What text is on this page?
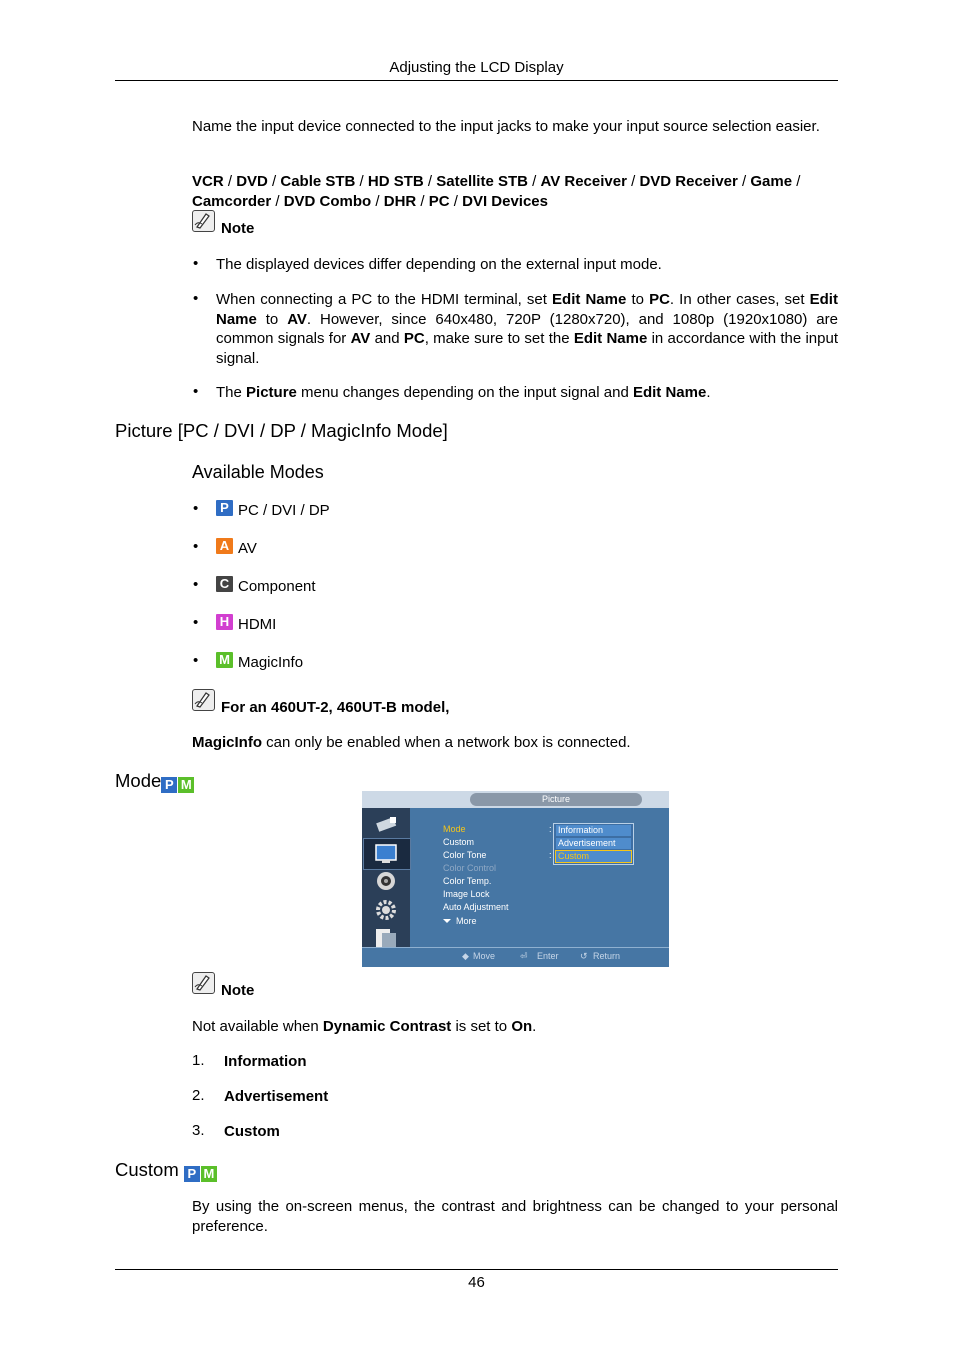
Adjusting the LCD Display
Name the input device connected to the input jacks to make your input source selection easier.
VCR / DVD / Cable STB / HD STB / Satellite STB / AV Receiver / DVD Receiver / Game /
Camcorder / DVD Combo / DHR / PC / DVI Devices
Note
• The displayed devices differ depending on the external input mode.
• When connecting a PC to the HDMI terminal, set Edit Name to PC. In other cases, set Edit Name to AV. However, since 640x480, 720P (1280x720), and 1080p (1920x1080) are common signals for AV and PC, make sure to set the Edit Name in accordance with the input signal.
• The Picture menu changes depending on the input signal and Edit Name.
Picture [PC / DVI / DP / MagicInfo Mode]
Available Modes
•	P PC / DVI / DP
• A AV
• C Component
• H HDMI
• M MagicInfo
For an 460UT-2, 460UT-B model,
MagicInfo can only be enabled when a network box is connected.
Mode P M
Picture
Mode
Custom
Color Tone
Color Control
Color Temp.
Image Lock
Auto Adjustment
More
:
:
Information
Advertisement
Custom
◆ Move	⏎ Enter ↺ Return
Note
Not available when Dynamic Contrast is set to On.
1. Information
2. Advertisement
3. Custom
Custom P M
By using the on-screen menus, the contrast and brightness can be changed to your personal preference.
46
